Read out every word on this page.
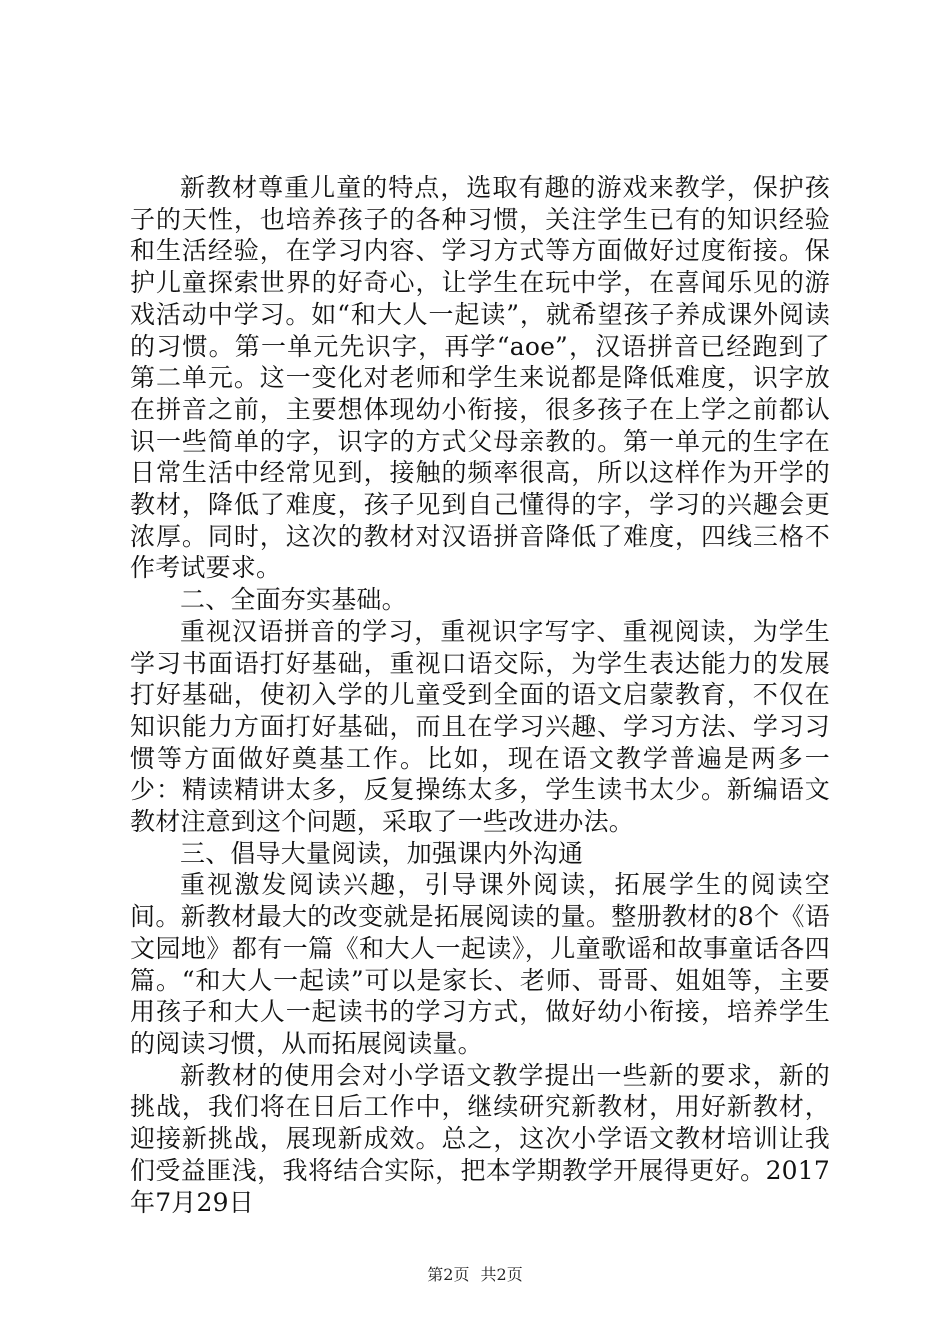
新教材尊重儿童的特点，选取有趣的游戏来教学，保护孩子的天性，也培养孩子的各种习惯，关注学生已有的知识经验和生活经验，在学习内容、学习方式等方面做好过度衔接。保护儿童探索世界的好奇心，让学生在玩中学，在喜闻乐见的游戏活动中学习。如“和大人一起读”，就希望孩子养成课外阅读的习惯。第一单元先识字，再学“aoe”，汉语拼音已经跑到了第二单元。这一变化对老师和学生来说都是降低难度，识字放在拼音之前，主要想体现幼小衔接，很多孩子在上学之前都认识一些简单的字，识字的方式父母亲教的。第一单元的生字在日常生活中经常见到，接触的频率很高，所以这样作为开学的教材，降低了难度，孩子见到自己懂得的字，学习的兴趣会更浓厚。同时，这次的教材对汉语拼音降低了难度，四线三格不作考试要求。

二、全面夯实基础。

重视汉语拼音的学习，重视识字写字、重视阅读，为学生学习书面语打好基础，重视口语交际，为学生表达能力的发展打好基础，使初入学的儿童受到全面的语文启蒙教育，不仅在知识能力方面打好基础，而且在学习兴趣、学习方法、学习习惯等方面做好奠基工作。比如，现在语文教学普遍是两多一少：精读精讲太多，反复操练太多，学生读书太少。新编语文教材注意到这个问题，采取了一些改进办法。

三、倡导大量阅读，加强课内外沟通

重视激发阅读兴趣，引导课外阅读，拓展学生的阅读空间。新教材最大的改变就是拓展阅读的量。整册教材的8个《语文园地》都有一篇《和大人一起读》，儿童歌谣和故事童话各四篇。“和大人一起读”可以是家长、老师、哥哥、姐姐等，主要用孩子和大人一起读书的学习方式，做好幼小衔接，培养学生的阅读习惯，从而拓展阅读量。

新教材的使用会对小学语文教学提出一些新的要求，新的挑战，我们将在日后工作中，继续研究新教材，用好新教材，迎接新挑战，展现新成效。总之，这次小学语文教材培训让我们受益匪浅，我将结合实际，把本学期教学开展得更好。2017年7月29日

第2页 共2页
